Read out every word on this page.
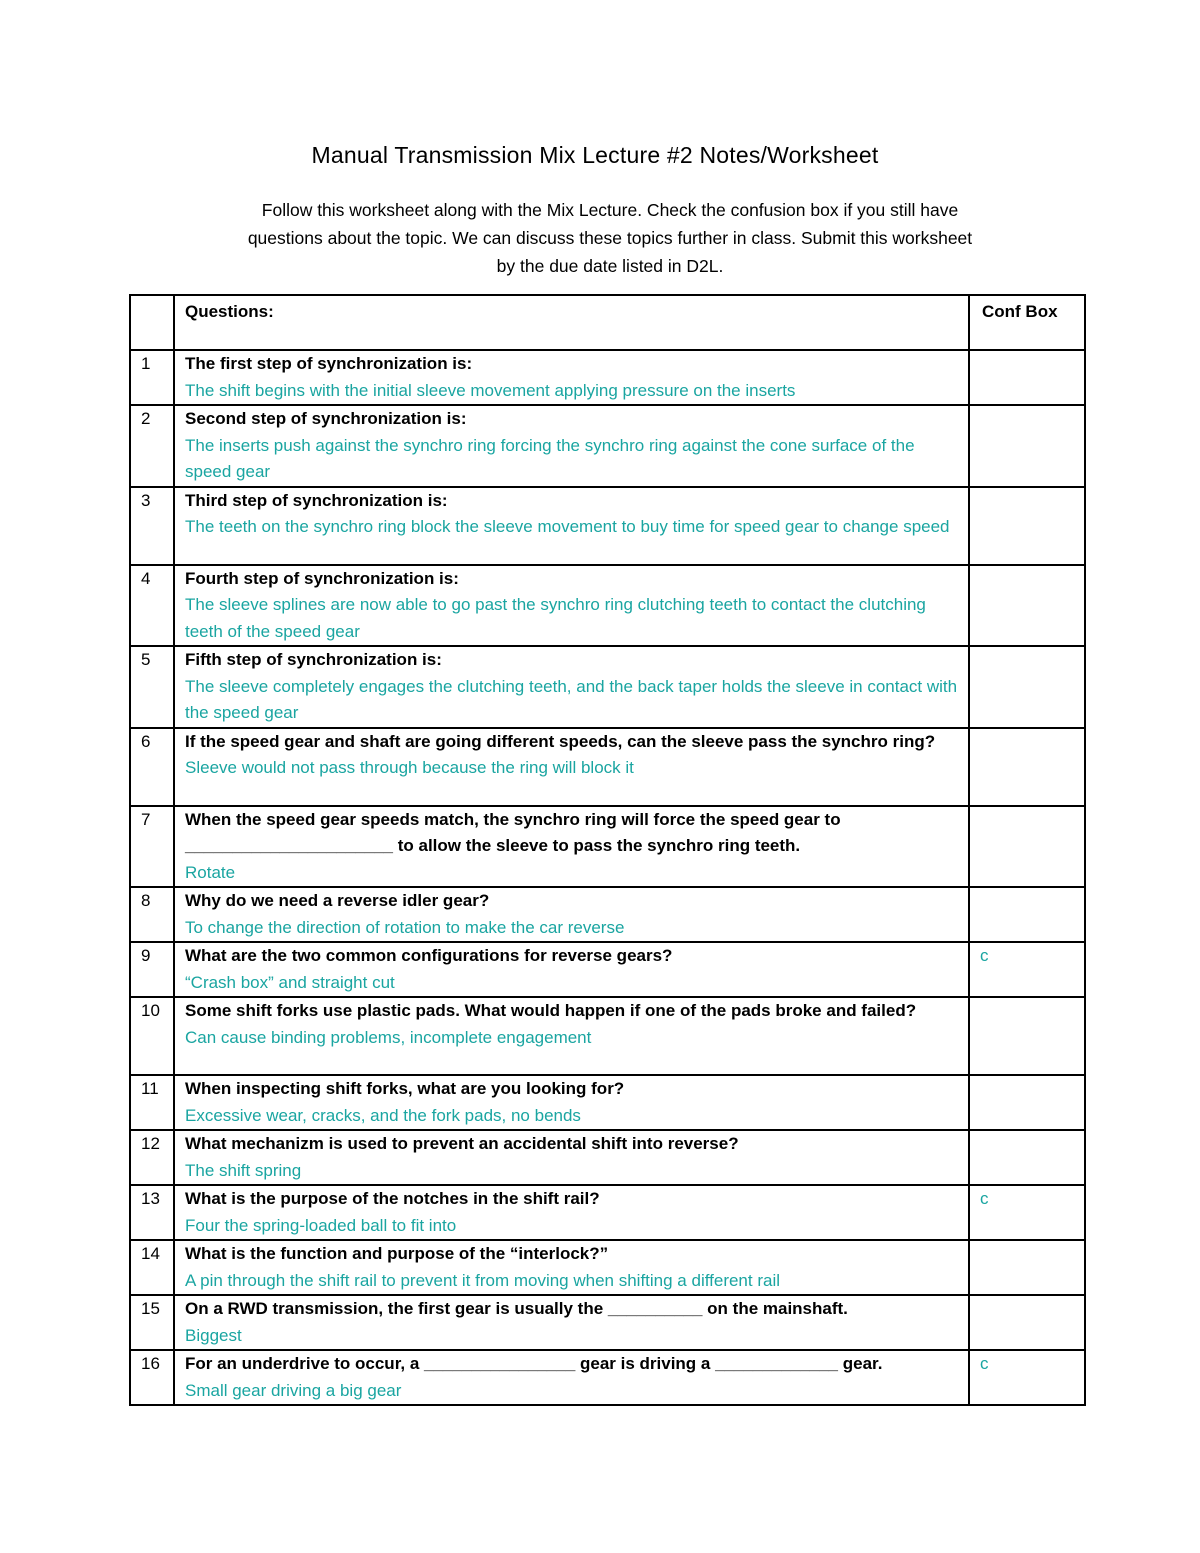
Manual Transmission Mix Lecture #2 Notes/Worksheet
Follow this worksheet along with the Mix Lecture. Check the confusion box if you still have
questions about the topic. We can discuss these topics further in class. Submit this worksheet
by the due date listed in D2L.
	Questions:	Conf Box
1	The first step of synchronization is:
The shift begins with the initial sleeve movement applying pressure on the inserts	

2	Second step of synchronization is:
The inserts push against the synchro ring forcing the synchro ring against the cone surface of the speed gear	

3	Third step of synchronization is:
The teeth on the synchro ring block the sleeve movement to buy time for speed gear to change speed	

4	Fourth step of synchronization is:
The sleeve splines are now able to go past the synchro ring clutching teeth to contact the clutching teeth of the speed gear	

5	Fifth step of synchronization is:
The sleeve completely engages the clutching teeth, and the back taper holds the sleeve in contact with the speed gear	

6	If the speed gear and shaft are going different speeds, can the sleeve pass the synchro ring?
Sleeve would not pass through because the ring will block it	

7	When the speed gear speeds match, the synchro ring will force the speed gear to ______________________ to allow the sleeve to pass the synchro ring teeth.
Rotate	

8	Why do we need a reverse idler gear?
To change the direction of rotation to make the car reverse	

9	What are the two common configurations for reverse gears?
“Crash box” and straight cut	c
10	Some shift forks use plastic pads. What would happen if one of the pads broke and failed?
Can cause binding problems, incomplete engagement	

11	When inspecting shift forks, what are you looking for?
Excessive wear, cracks, and the fork pads, no bends	

12	What mechanizm is used to prevent an accidental shift into reverse?
The shift spring	

13	What is the purpose of the notches in the shift rail?
Four the spring-loaded ball to fit into	c
14	What is the function and purpose of the “interlock?”
A pin through the shift rail to prevent it from moving when shifting a different rail	

15	On a RWD transmission, the first gear is usually the __________ on the mainshaft.
Biggest	

16	For an underdrive to occur, a ________________ gear is driving a _____________ gear.
Small gear driving a big gear	c
